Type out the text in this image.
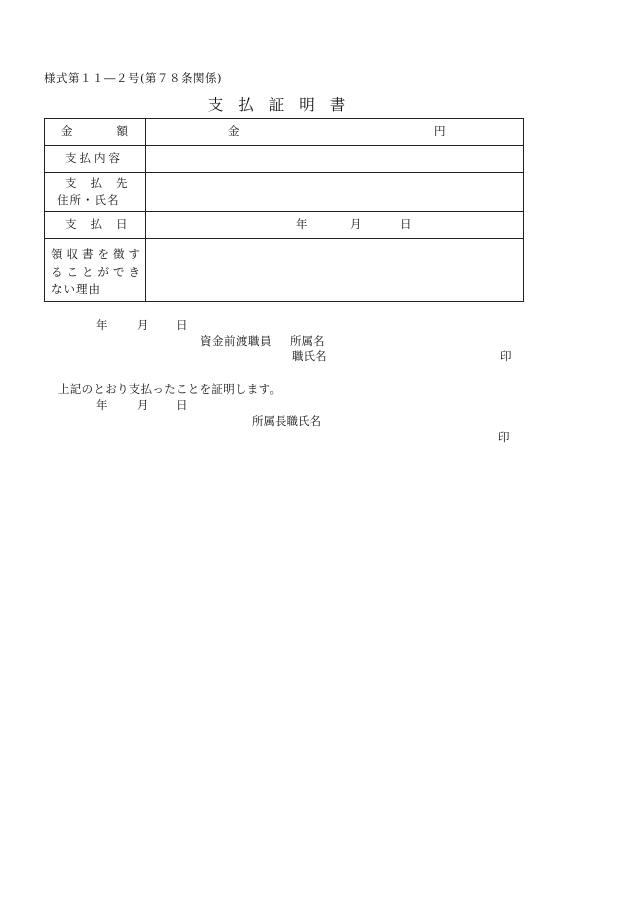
様式第１１―２号(第７８条関係)
支払証明書
金額	金 円

支払内容	

支払先
住所・氏名	

支払日	年 月 日

領収書を徴す
ることができ
ない理由	

年	月 日
資金前渡職員 所属名
職氏名	印
上記のとおり支払ったことを証明します。
年	月 日
所属長職氏名
印
